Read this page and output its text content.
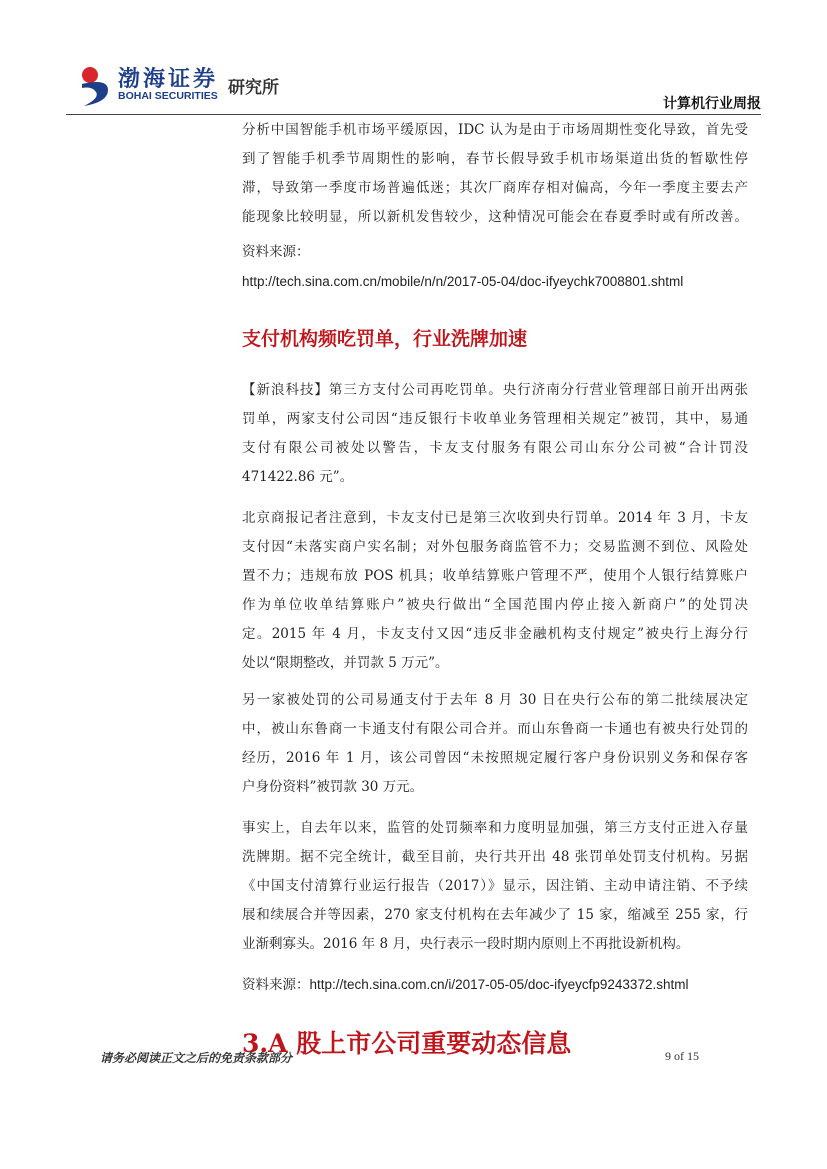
渤海证券
BOHAI SECURITIES 研究所
计算机行业周报
分析中国智能手机市场平缓原因，IDC 认为是由于市场周期性变化导致，首先受
到了智能手机季节周期性的影响，春节长假导致手机市场渠道出货的暂歇性停
滞，导致第一季度市场普遍低迷；其次厂商库存相对偏高，今年一季度主要去产
能现象比较明显，所以新机发售较少，这种情况可能会在春夏季时或有所改善。
资料来源：
http://tech.sina.com.cn/mobile/n/n/2017-05-04/doc-ifyeychk7008801.shtml
支付机构频吃罚单，行业洗牌加速
【新浪科技】第三方支付公司再吃罚单。央行济南分行营业管理部日前开出两张
罚单，两家支付公司因“违反银行卡收单业务管理相关规定”被罚，其中，易通
支付有限公司被处以警告，卡友支付服务有限公司山东分公司被“合计罚没
471422.86 元”。
北京商报记者注意到，卡友支付已是第三次收到央行罚单。2014 年 3 月，卡友
支付因“未落实商户实名制；对外包服务商监管不力；交易监测不到位、风险处
置不力；违规布放 POS 机具；收单结算账户管理不严，使用个人银行结算账户
作为单位收单结算账户”被央行做出“全国范围内停止接入新商户”的处罚决
定。2015 年 4 月，卡友支付又因“违反非金融机构支付规定”被央行上海分行
处以“限期整改，并罚款 5 万元”。
另一家被处罚的公司易通支付于去年 8 月 30 日在央行公布的第二批续展决定
中，被山东鲁商一卡通支付有限公司合并。而山东鲁商一卡通也有被央行处罚的
经历，2016 年 1 月，该公司曾因“未按照规定履行客户身份识别义务和保存客
户身份资料”被罚款 30 万元。
事实上，自去年以来，监管的处罚频率和力度明显加强，第三方支付正进入存量
洗牌期。据不完全统计，截至目前，央行共开出 48 张罚单处罚支付机构。另据
《中国支付清算行业运行报告（2017）》显示，因注销、主动申请注销、不予续
展和续展合并等因素，270 家支付机构在去年减少了 15 家，缩减至 255 家，行
业渐剩寡头。2016 年 8 月，央行表示一段时期内原则上不再批设新机构。
资料来源：http://tech.sina.com.cn/i/2017-05-05/doc-ifyeycfp9243372.shtml
3.A 股上市公司重要动态信息
请务必阅读正文之后的免责条款部分	9 of 15
